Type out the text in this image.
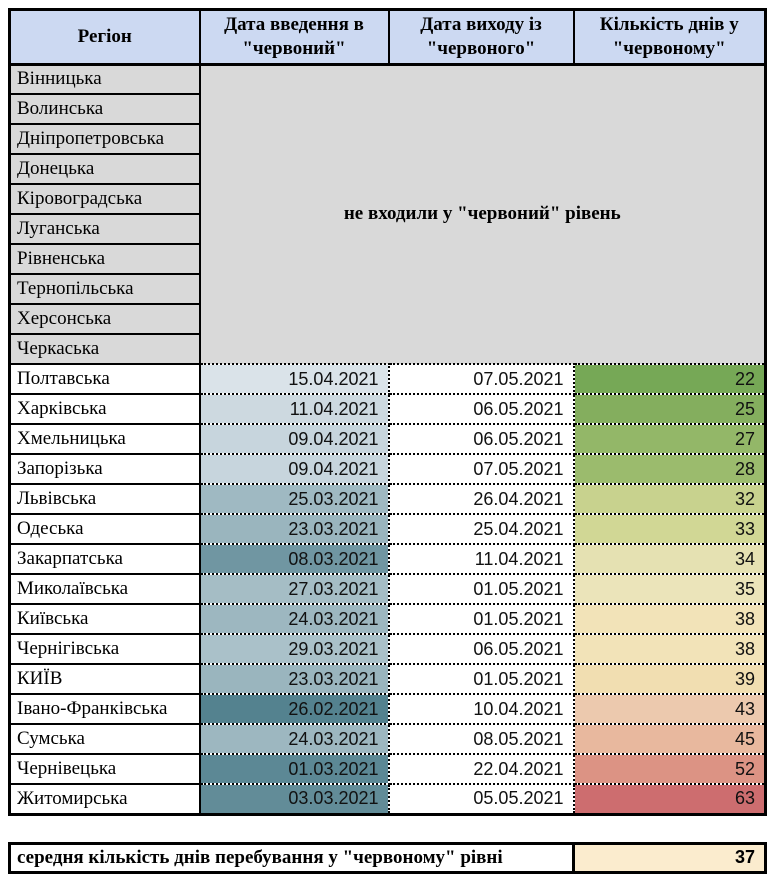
Регіон	Дата введення в "червоний"	Дата виходу із "червоного"	Кількість днів у "червоному"
Вінницька	не входили у "червоний" рівень		
Волинська			
Дніпропетровська			
Донецька			
Кіровоградська			
Луганська			
Рівненська			
Тернопільська			
Херсонська			
Черкаська			
Полтавська	15.04.2021	07.05.2021	22
Харківська	11.04.2021	06.05.2021	25
Хмельницька	09.04.2021	06.05.2021	27
Запорізька	09.04.2021	07.05.2021	28
Львівська	25.03.2021	26.04.2021	32
Одеська	23.03.2021	25.04.2021	33
Закарпатська	08.03.2021	11.04.2021	34
Миколаївська	27.03.2021	01.05.2021	35
Київська	24.03.2021	01.05.2021	38
Чернігівська	29.03.2021	06.05.2021	38
КИЇВ	23.03.2021	01.05.2021	39
Івано-Франківська	26.02.2021	10.04.2021	43
Сумська	24.03.2021	08.05.2021	45
Чернівецька	01.03.2021	22.04.2021	52
Житомирська	03.03.2021	05.05.2021	63
середня кількість днів перебування у "червоному" рівні	37
